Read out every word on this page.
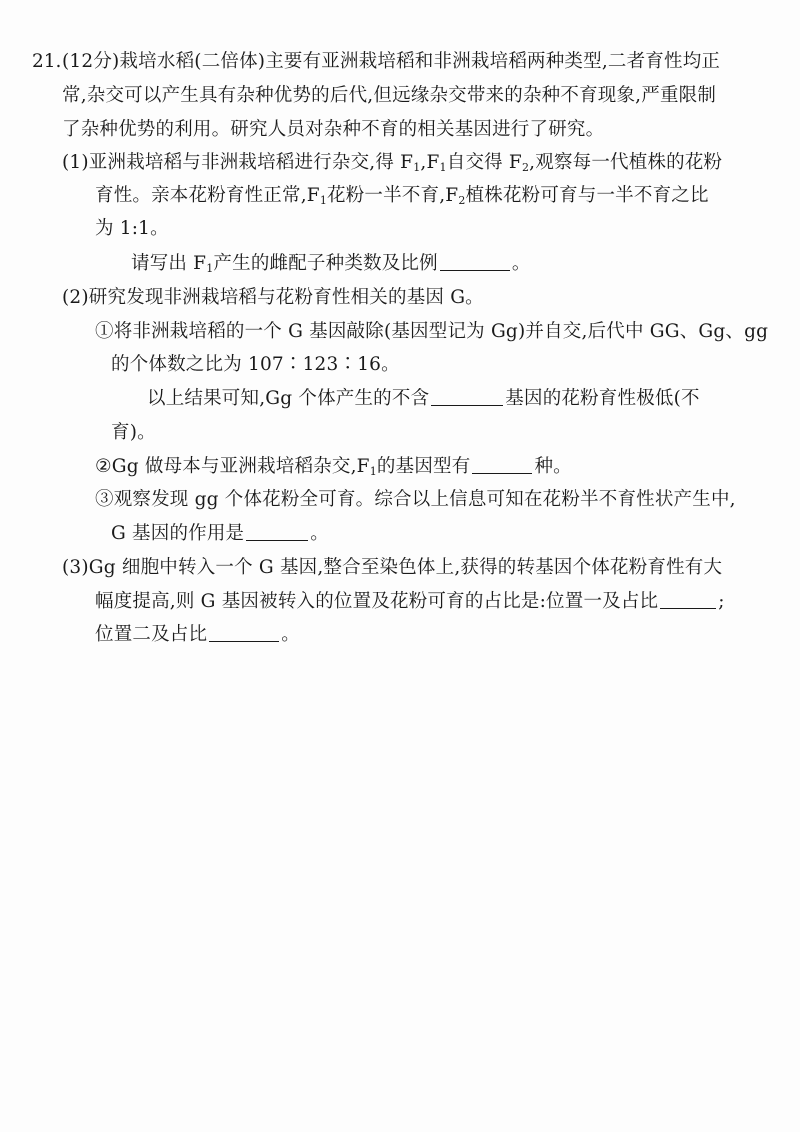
21. (12分)栽培水稻(二倍体)主要有亚洲栽培稻和非洲栽培稻两种类型,二者育性均正
常,杂交可以产生具有杂种优势的后代,但远缘杂交带来的杂种不育现象,严重限制
了杂种优势的利用。研究人员对杂种不育的相关基因进行了研究。
(1)亚洲栽培稻与非洲栽培稻进行杂交,得 $F_1,F_1$自交得 $F_2$,观察每一代植株的花粉
育性。亲本花粉育性正常$,F_1$花粉一半不育$,F_2$植株花粉可育与一半不育之比
为 1:1。
请写出 $F_1$产生的雌配子种类数及比例	。
(2)研究发现非洲栽培稻与花粉育性相关的基因 G。
①将非洲栽培稻的一个 G 基因敲除(基因型记为 Gg)并自交,后代中 GG、Gg、gg
的个体数之比为 107∶123∶16。
以上结果可知,Gg 个体产生的不含	基因的花粉育性极低(不
育)。
②Gg 做母本与亚洲栽培稻杂交$,F_1$的基因型有	种。
③观察发现 gg 个体花粉全可育。综合以上信息可知在花粉半不育性状产生中,
G 基因的作用是	。
(3)Gg 细胞中转入一个 G 基因,整合至染色体上,获得的转基因个体花粉育性有大
幅度提高,则 G 基因被转入的位置及花粉可育的占比是:位置一及占比	;
位置二及占比	。
